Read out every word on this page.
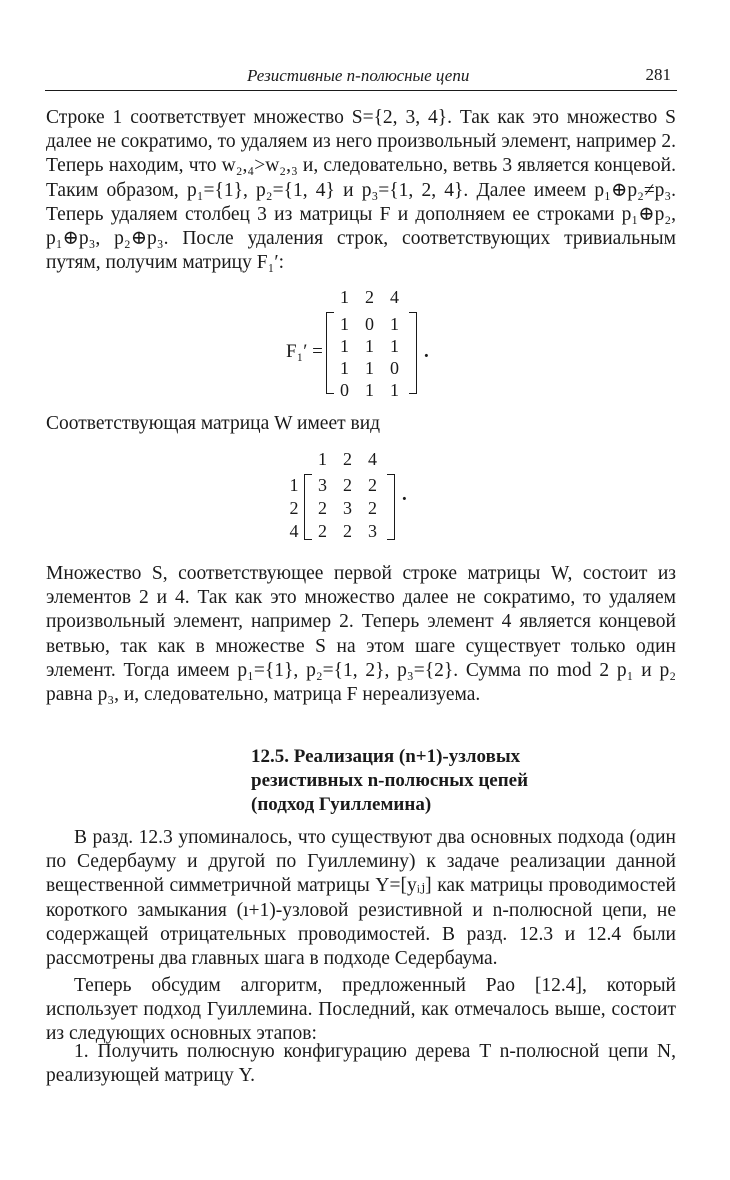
Резистивные n-полюсные цепи	281

Строке 1 соответствует множество S={2, 3, 4}. Так как это множество S далее не сократимо, то удаляем из него произвольный элемент, например 2. Теперь находим, что w₂,₄>w₂,₃ и, следовательно, ветвь 3 является концевой. Таким образом, p₁={1}, p₂={1, 4} и p₃={1, 2, 4}. Далее имеем p₁⊕p₂≠p₃. Теперь удаляем столбец 3 из матрицы F и дополняем ее строками p₁⊕p₂, p₁⊕p₃, p₂⊕p₃. После удаления строк, соответствующих тривиальным путям, получим матрицу F₁′:

1 2 4
F₁′ =
1 0 1
1 1 1
1 1 0
0 1 1
.

Соответствующая матрица W имеет вид

1 2 4
1
2
4
3 2 2
2 3 2
2 2 3
.

Множество S, соответствующее первой строке матрицы W, состоит из элементов 2 и 4. Так как это множество далее не сократимо, то удаляем произвольный элемент, например 2. Теперь элемент 4 является концевой ветвью, так как в множестве S на этом шаге существует только один элемент. Тогда имеем p₁={1}, p₂={1, 2}, p₃={2}. Сумма по mod 2 p₁ и p₂ равна p₃, и, следовательно, матрица F нереализуема.

12.5. Реализация (n+1)-узловых
резистивных n-полюсных цепей
(подход Гуиллемина)

В разд. 12.3 упоминалось, что существуют два основных подхода (один по Седербауму и другой по Гуиллемину) к задаче реализации данной вещественной симметричной матрицы Y=[yᵢⱼ] как матрицы проводимостей короткого замыкания (ı+1)-узловой резистивной и n-полюсной цепи, не содержащей отрицательных проводимостей. В разд. 12.3 и 12.4 были рассмотрены два главных шага в подходе Седербаума.

Теперь обсудим алгоритм, предложенный Рао [12.4], который использует подход Гуиллемина. Последний, как отмечалось выше, состоит из следующих основных этапов:

1. Получить полюсную конфигурацию дерева T n-полюсной цепи N, реализующей матрицу Y.
